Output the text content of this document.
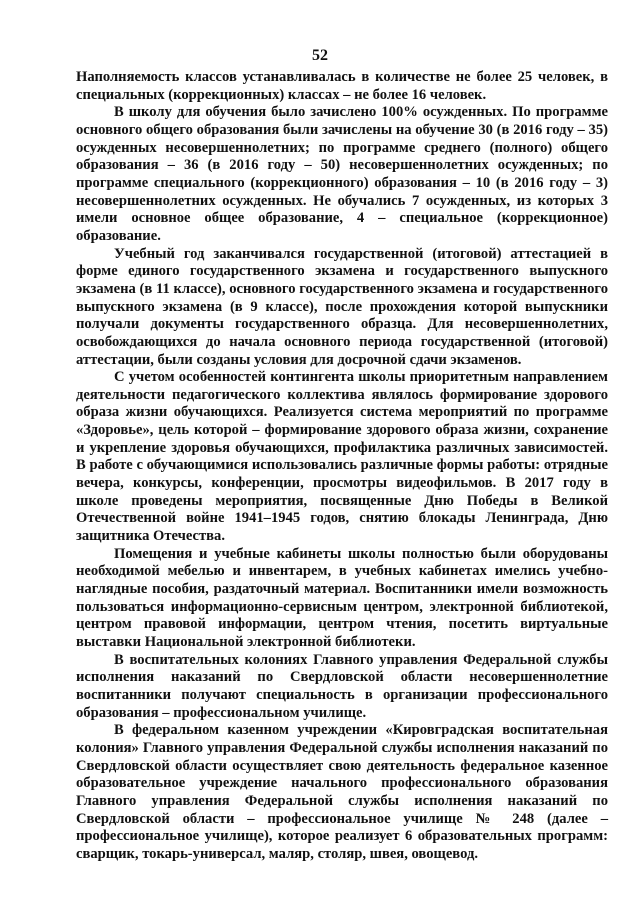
52

Наполняемость классов устанавливалась в количестве не более 25 человек, в специальных (коррекционных) классах – не более 16 человек.

В школу для обучения было зачислено 100% осужденных. По программе основного общего образования были зачислены на обучение 30 (в 2016 году – 35) осужденных несовершеннолетних; по программе среднего (полного) общего образования – 36 (в 2016 году – 50) несовершеннолетних осужденных; по программе специального (коррекционного) образования – 10 (в 2016 году – 3) несовершеннолетних осужденных. Не обучались 7 осужденных, из которых 3 имели основное общее образование, 4 – специальное (коррекционное) образование.

Учебный год заканчивался государственной (итоговой) аттестацией в форме единого государственного экзамена и государственного выпускного экзамена (в 11 классе), основного государственного экзамена и государственного выпускного экзамена (в 9 классе), после прохождения которой выпускники получали документы государственного образца. Для несовершеннолетних, освобождающихся до начала основного периода государственной (итоговой) аттестации, были созданы условия для досрочной сдачи экзаменов.

С учетом особенностей контингента школы приоритетным направлением деятельности педагогического коллектива являлось формирование здорового образа жизни обучающихся. Реализуется система мероприятий по программе «Здоровье», цель которой – формирование здорового образа жизни, сохранение и укрепление здоровья обучающихся, профилактика различных зависимостей. В работе с обучающимися использовались различные формы работы: отрядные вечера, конкурсы, конференции, просмотры видеофильмов. В 2017 году в школе проведены мероприятия, посвященные Дню Победы в Великой Отечественной войне 1941–1945 годов, снятию блокады Ленинграда, Дню защитника Отечества.

Помещения и учебные кабинеты школы полностью были оборудованы необходимой мебелью и инвентарем, в учебных кабинетах имелись учебно-наглядные пособия, раздаточный материал. Воспитанники имели возможность пользоваться информационно-сервисным центром, электронной библиотекой, центром правовой информации, центром чтения, посетить виртуальные выставки Национальной электронной библиотеки.

В воспитательных колониях Главного управления Федеральной службы исполнения наказаний по Свердловской области несовершеннолетние воспитанники получают специальность в организации профессионального образования – профессиональном училище.

В федеральном казенном учреждении «Кировградская воспитательная колония» Главного управления Федеральной службы исполнения наказаний по Свердловской области осуществляет свою деятельность федеральное казенное образовательное учреждение начального профессионального образования Главного управления Федеральной службы исполнения наказаний по Свердловской области – профессиональное училище № 248 (далее – профессиональное училище), которое реализует 6 образовательных программ: сварщик, токарь-универсал, маляр, столяр, швея, овощевод.
